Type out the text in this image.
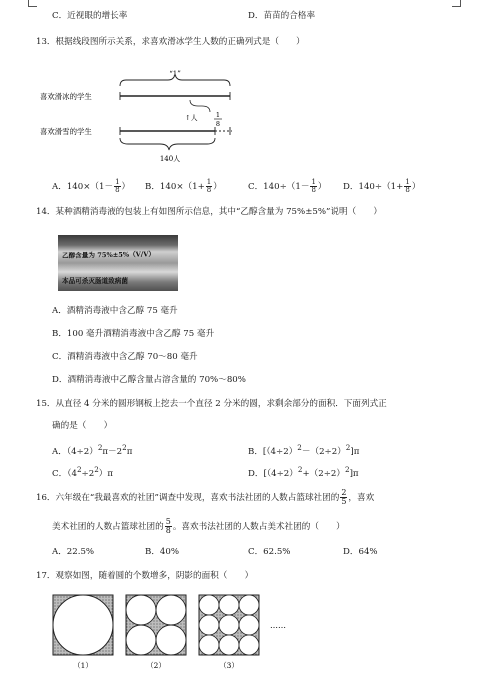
C．近视眼的增长率	D．苗苗的合格率
13．根据线段图所示关系，求喜欢滑冰学生人数的正确列式是（　　）
“1”
喜欢滑冰的学生
↑人	1
8
喜欢滑雪的学生
140人
A．$140\times(1- \frac{1}{8}$ ） B．$140\times(1+ \frac{1}{8}$ ）	C．$140\div(1- \frac{1}{8}$ ） D．$140\div(1+ \frac{1}{8}$ ）
14．某种酒精消毒液的包装上有如图所示信息，其中“乙醇含量为 75%±5%”说明（　　）
乙醇含量为 75%±5%（V/V）
本品可杀灭肠道致病菌
A．酒精消毒液中含乙醇 75 毫升
B．100 毫升酒精消毒液中含乙醇 75 毫升
C．酒精消毒液中含乙醇 70～80 毫升
D．酒精消毒液中乙醇含量占溶含量的 70%～80%
15．从直径 4 分米的圆形钢板上挖去一个直径 2 分米的圆，求剩余部分的面积．下面列式正
确的是（　　）
A．$(4\div 2)^2\pi-2^2\pi$	B．$[(4\div 2)^2-(2\div 2)^2]\pi$
C．$(4^2\div 2^2)\pi$	D．$[(4\div 2)^2+(2\div 2)^2]\pi$
16．六年级在“我最喜欢的社团”调查中发现，喜欢书法社团的人数占篮球社团的 $\frac{2}{5}$ ，喜欢
美术社团的人数占篮球社团的 $\frac{5}{8}$ 。喜欢书法社团的人数占美术社团的（　　）
A．22.5%	B．40%	C．62.5%	D．64%
17．观察如图，随着圆的个数增多，阴影的面积（　　）
……
（1）	（2）	（3）
